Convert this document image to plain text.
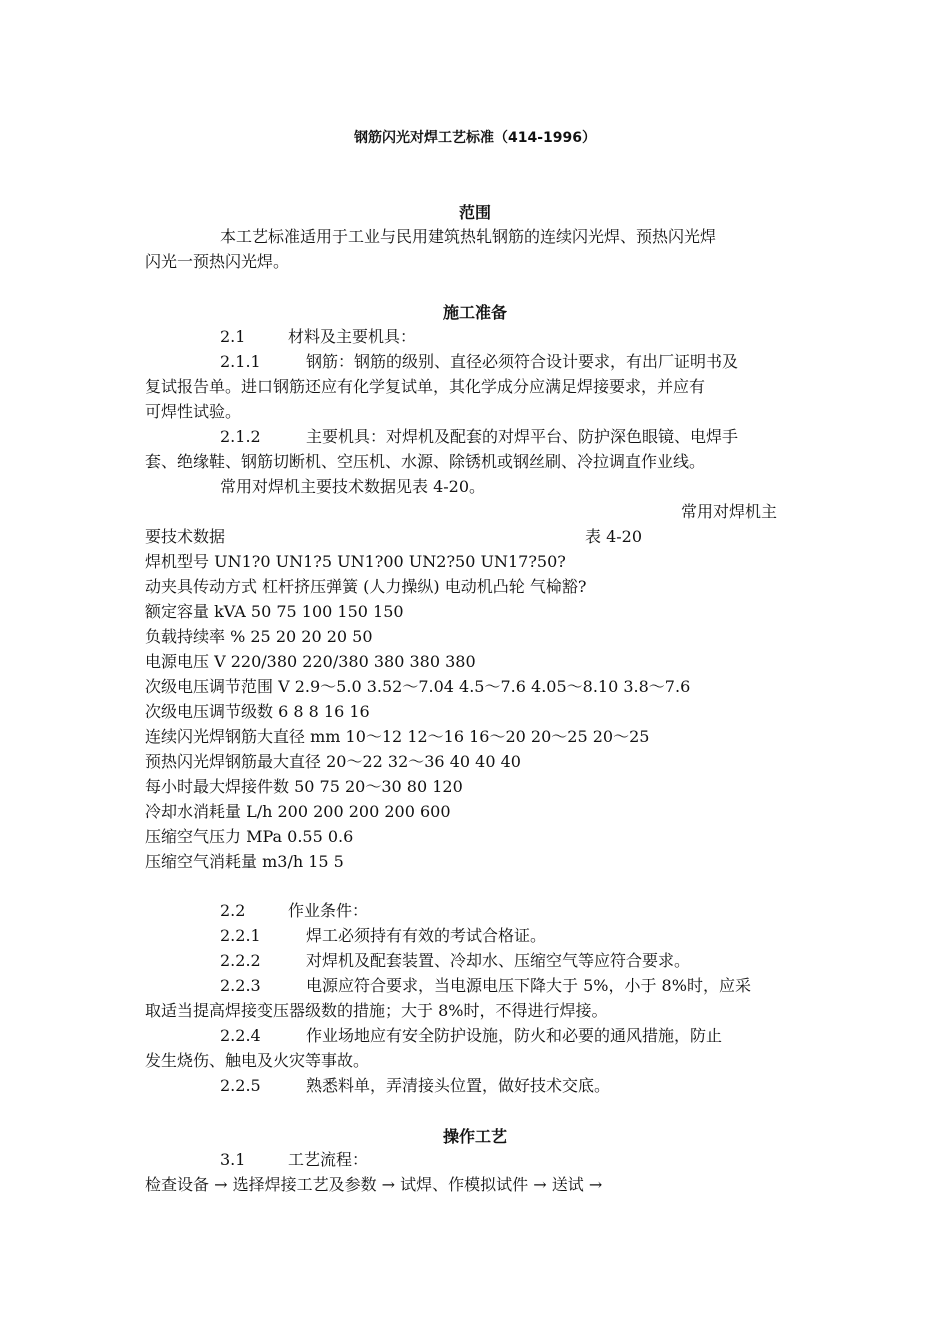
钢筋闪光对焊工艺标准（414-1996）
范围
本工艺标准适用于工业与民用建筑热轧钢筋的连续闪光焊、预热闪光焊
闪光一预热闪光焊。
施工准备
2.1	材料及主要机具：
2.1.1	钢筋：钢筋的级别、直径必须符合设计要求，有出厂证明书及
复试报告单。进口钢筋还应有化学复试单，其化学成分应满足焊接要求，并应有
可焊性试验。
2.1.2	主要机具：对焊机及配套的对焊平台、防护深色眼镜、电焊手
套、绝缘鞋、钢筋切断机、空压机、水源、除锈机或钢丝刷、冷拉调直作业线。
常用对焊机主要技术数据见表 4-20。
常用对焊机主
要技术数据	表 4-20
焊机型号 UN1?0 UN1?5 UN1?00 UN2?50 UN17?50?
动夹具传动方式 杠杆挤压弹簧 (人力操纵) 电动机凸轮 气椧豁?
额定容量 kVA 50 75 100 150 150
负载持续率 % 25 20 20 20 50
电源电压 V 220/380 220/380 380 380 380
次级电压调节范围 V 2.9～5.0 3.52～7.04 4.5～7.6 4.05～8.10 3.8～7.6
次级电压调节级数 6 8 8 16 16
连续闪光焊钢筋大直径 mm 10～12 12～16 16～20 20～25 20～25
预热闪光焊钢筋最大直径 20～22 32～36 40 40 40
每小时最大焊接件数 50 75 20～30 80 120
冷却水消耗量 L/h 200 200 200 200 600
压缩空气压力 MPa 0.55 0.6
压缩空气消耗量 m3/h 15 5
2.2	作业条件：
2.2.1	焊工必须持有有效的考试合格证。
2.2.2	对焊机及配套装置、冷却水、压缩空气等应符合要求。
2.2.3	电源应符合要求，当电源电压下降大于 5%，小于 8%时，应采
取适当提高焊接变压器级数的措施；大于 8%时，不得进行焊接。
2.2.4	作业场地应有安全防护设施，防火和必要的通风措施，防止
发生烧伤、触电及火灾等事故。
2.2.5	熟悉料单，弄清接头位置，做好技术交底。
操作工艺
3.1	工艺流程：
检查设备 → 选择焊接工艺及参数 → 试焊、作模拟试件 → 送试 →
